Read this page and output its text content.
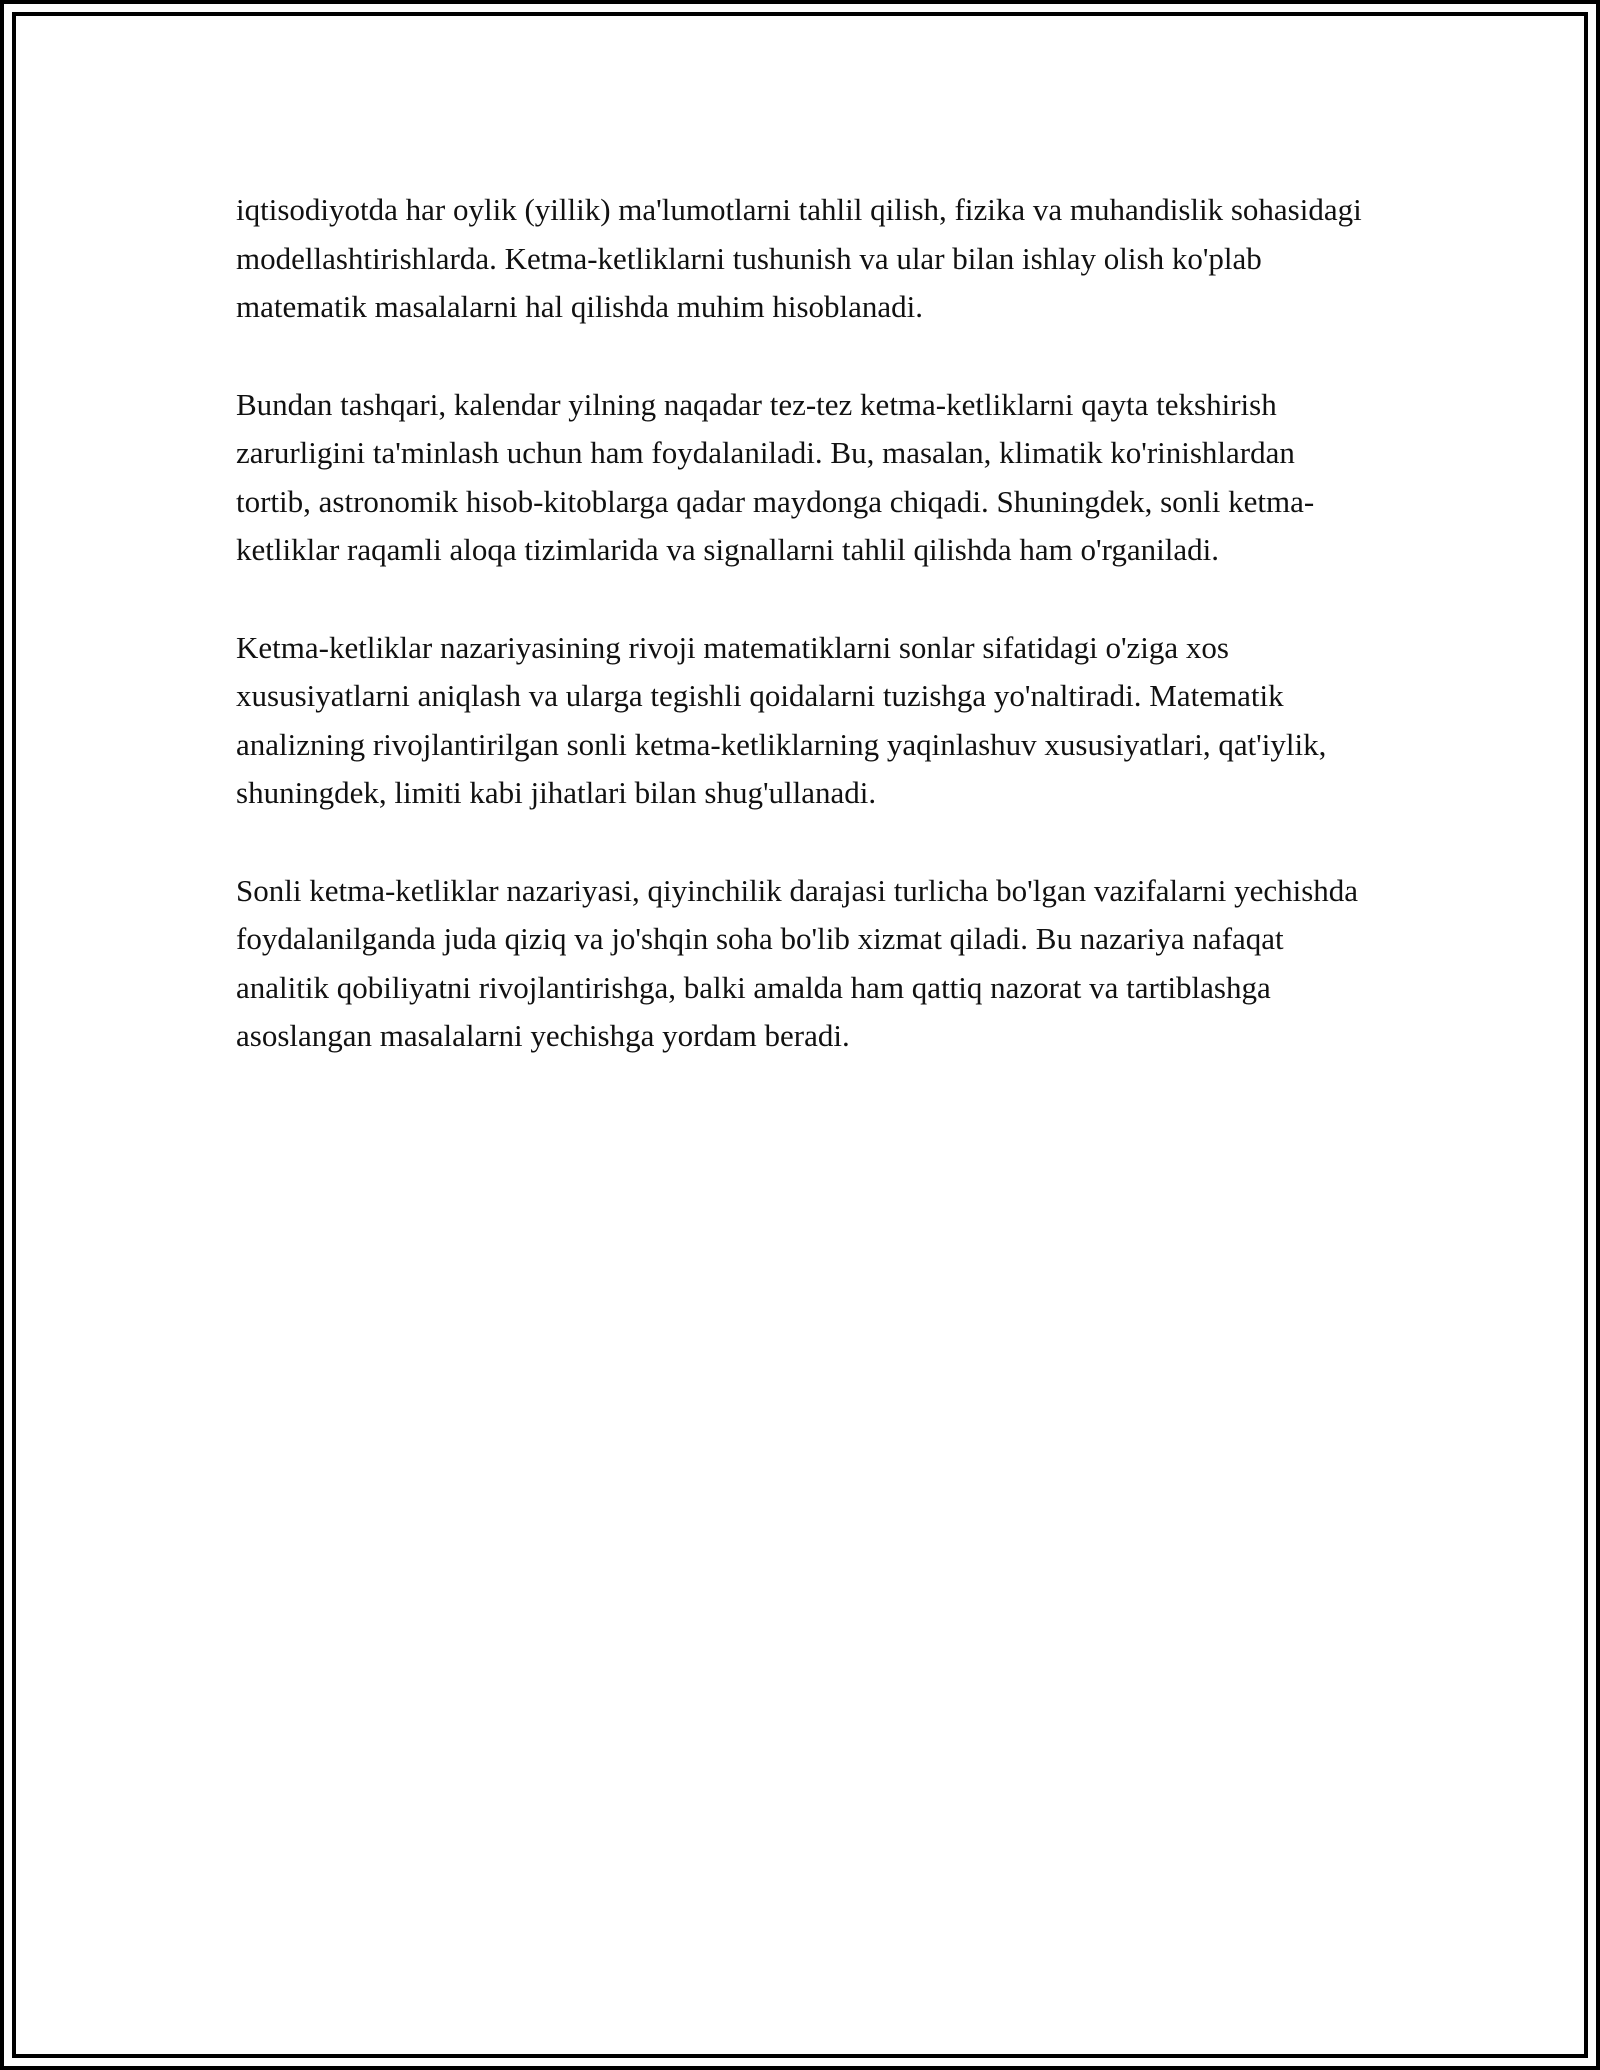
iqtisodiyotda har oylik (yillik) ma'lumotlarni tahlil qilish, fizika va muhandislik sohasidagi modellashtirishlarda. Ketma-ketliklarni tushunish va ular bilan ishlay olish ko'plab matematik masalalarni hal qilishda muhim hisoblanadi.

Bundan tashqari, kalendar yilning naqadar tez-tez ketma-ketliklarni qayta tekshirish zarurligini ta'minlash uchun ham foydalaniladi. Bu, masalan, klimatik ko'rinishlardan tortib, astronomik hisob-kitoblarga qadar maydonga chiqadi. Shuningdek, sonli ketma-ketliklar raqamli aloqa tizimlarida va signallarni tahlil qilishda ham o'rganiladi.

Ketma-ketliklar nazariyasining rivoji matematiklarni sonlar sifatidagi o'ziga xos xususiyatlarni aniqlash va ularga tegishli qoidalarni tuzishga yo'naltiradi. Matematik analizning rivojlantirilgan sonli ketma-ketliklarning yaqinlashuv xususiyatlari, qat'iylik, shuningdek, limiti kabi jihatlari bilan shug'ullanadi.

Sonli ketma-ketliklar nazariyasi, qiyinchilik darajasi turlicha bo'lgan vazifalarni yechishda foydalanilganda juda qiziq va jo'shqin soha bo'lib xizmat qiladi. Bu nazariya nafaqat analitik qobiliyatni rivojlantirishga, balki amalda ham qattiq nazorat va tartiblashga asoslangan masalalarni yechishga yordam beradi.
